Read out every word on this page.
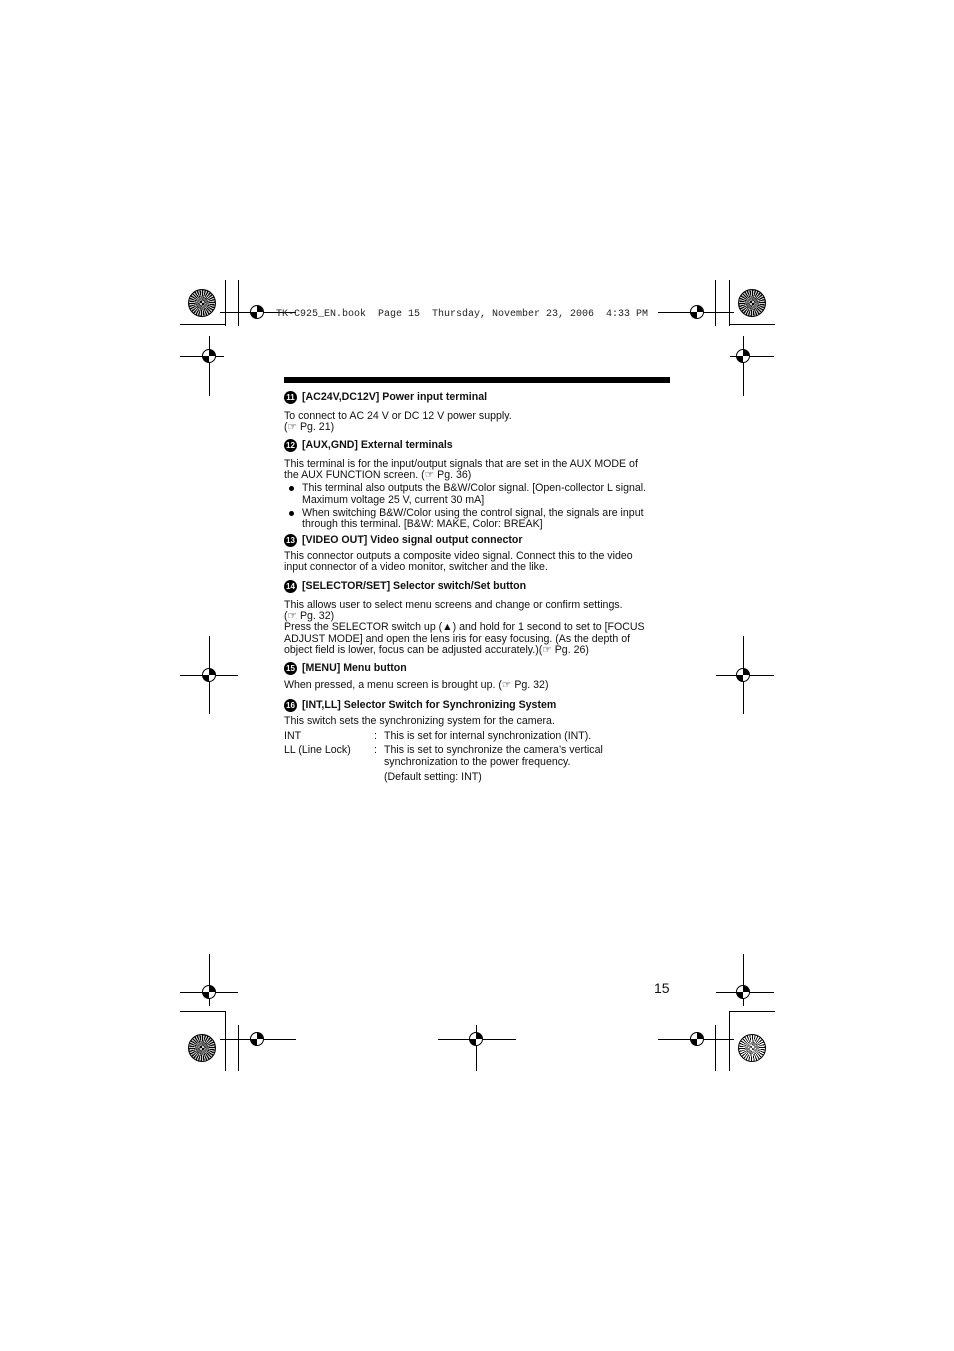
TK-C925_EN.book  Page 15  Thursday, November 23, 2006  4:33 PM
11 [AC24V,DC12V] Power input terminal

To connect to AC 24 V or DC 12 V power supply.

(☞ Pg. 21)

12 [AUX,GND] External terminals

This terminal is for the input/output signals that are set in the AUX MODE of

the AUX FUNCTION screen. (☞ Pg. 36)

This terminal also outputs the B&W/Color signal. [Open-collector L signal.
Maximum voltage 25 V, current 30 mA]
When switching B&W/Color using the control signal, the signals are input
through this terminal. [B&W: MAKE, Color: BREAK]
13 [VIDEO OUT] Video signal output connector

This connector outputs a composite video signal. Connect this to the video

input connector of a video monitor, switcher and the like.

14 [SELECTOR/SET] Selector switch/Set button

This allows user to select menu screens and change or confirm settings.

(☞ Pg. 32)

Press the SELECTOR switch up (▲) and hold for 1 second to set to [FOCUS

ADJUST MODE] and open the lens iris for easy focusing. (As the depth of

object field is lower, focus can be adjusted accurately.)(☞ Pg. 26)

15 [MENU] Menu button

When pressed, a menu screen is brought up. (☞ Pg. 32)

16 [INT,LL] Selector Switch for Synchronizing System

This switch sets the synchronizing system for the camera.

INT	: This is set for internal synchronization (INT).
LL (Line Lock)	: This is set to synchronize the camera’s vertical
synchronization to the power frequency.
(Default setting: INT)
15
